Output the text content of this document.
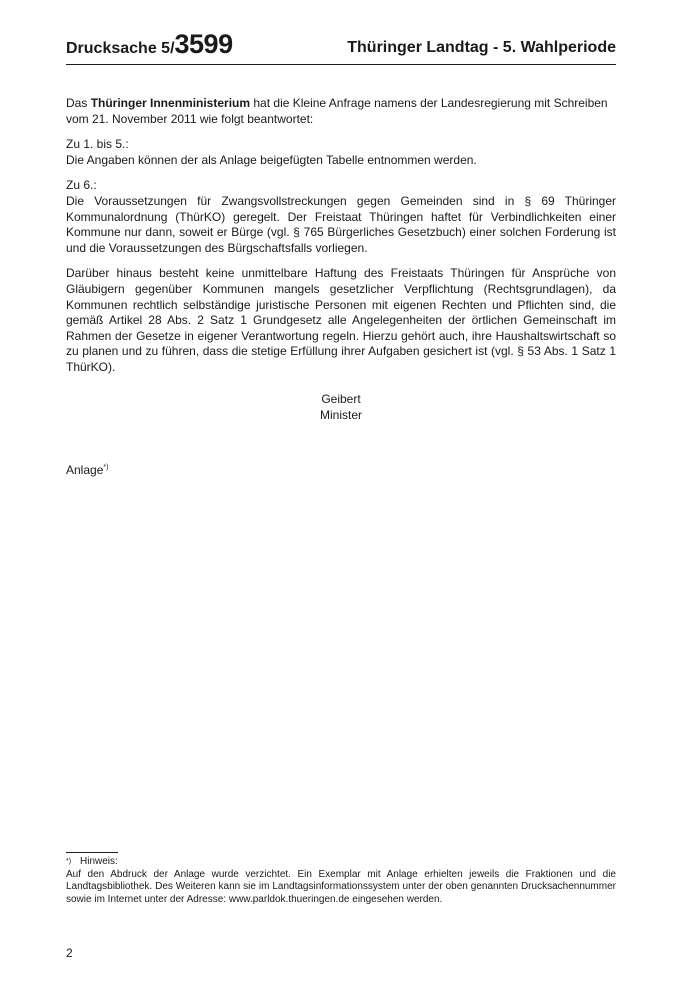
Drucksache 5/3599	Thüringer Landtag - 5. Wahlperiode

Das Thüringer Innenministerium hat die Kleine Anfrage namens der Landesregierung mit Schreiben vom 21. November 2011 wie folgt beantwortet:

Zu 1. bis 5.:
Die Angaben können der als Anlage beigefügten Tabelle entnommen werden.

Zu 6.:
Die Voraussetzungen für Zwangsvollstreckungen gegen Gemeinden sind in § 69 Thüringer Kommunalordnung (ThürKO) geregelt. Der Freistaat Thüringen haftet für Verbindlichkeiten einer Kommune nur dann, soweit er Bürge (vgl. § 765 Bürgerliches Gesetzbuch) einer solchen Forderung ist und die Voraussetzungen des Bürgschaftsfalls vorliegen.

Darüber hinaus besteht keine unmittelbare Haftung des Freistaats Thüringen für Ansprüche von Gläubigern gegenüber Kommunen mangels gesetzlicher Verpflichtung (Rechtsgrundlagen), da Kommunen rechtlich selbständige juristische Personen mit eigenen Rechten und Pflichten sind, die gemäß Artikel 28 Abs. 2 Satz 1 Grundgesetz alle Angelegenheiten der örtlichen Gemeinschaft im Rahmen der Gesetze in eigener Verantwortung regeln. Hierzu gehört auch, ihre Haushaltswirtschaft so zu planen und zu führen, dass die stetige Erfüllung ihrer Aufgaben gesichert ist (vgl. § 53 Abs. 1 Satz 1 ThürKO).

Geibert
Minister
Anlage*)
*) Hinweis:
Auf den Abdruck der Anlage wurde verzichtet. Ein Exemplar mit Anlage erhielten jeweils die Fraktionen und die Landtagsbibliothek. Des Weiteren kann sie im Landtagsinformationssystem unter der oben genannten Drucksachennummer sowie im Internet unter der Adresse: www.parldok.thueringen.de eingesehen werden.
2
